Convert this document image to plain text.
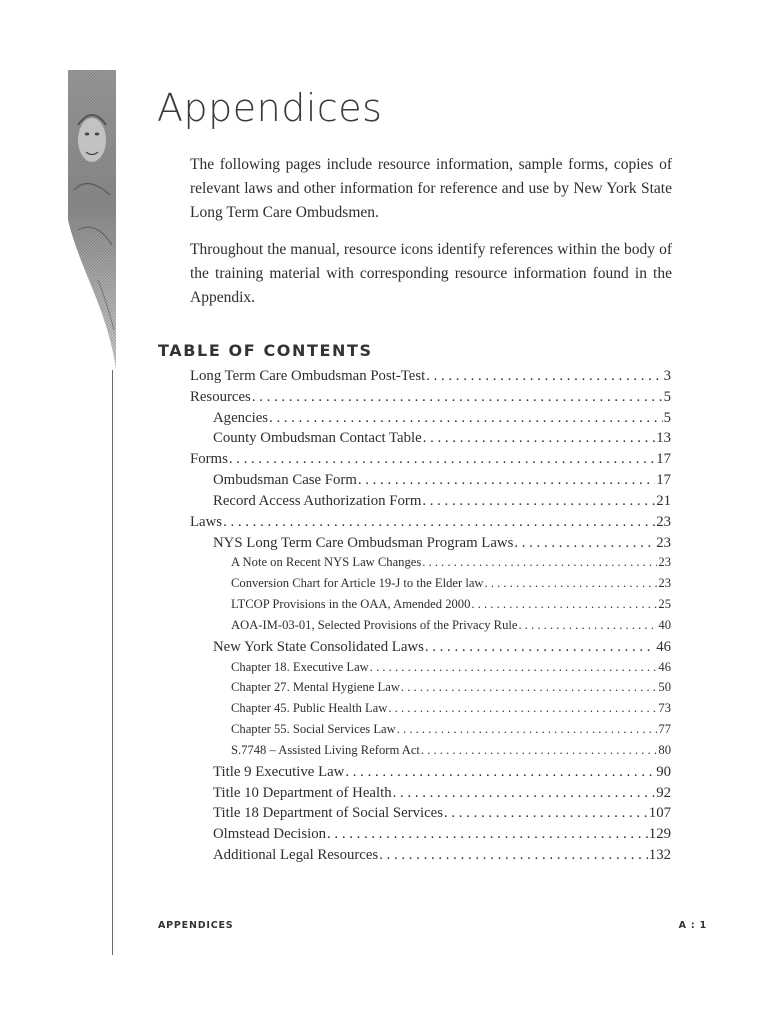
Appendices

The following pages include resource information, sample forms, copies of relevant laws and other information for reference and use by New York State Long Term Care Ombudsmen.

Throughout the manual, resource icons identify references within the body of the training material with corresponding resource information found in the Appendix.

TABLE OF CONTENTS
Long Term Care Ombudsman Post-Test . . .	3
Resources . . .	5
Agencies . . .	5
County Ombudsman Contact Table . . .	13
Forms . . .	17
Ombudsman Case Form . . .	17
Record Access Authorization Form . . .	21
Laws . . .	23
NYS Long Term Care Ombudsman Program Laws . . .	23
A Note on Recent NYS Law Changes . . .	23
Conversion Chart for Article 19-J to the Elder law . . .	23
LTCOP Provisions in the OAA, Amended 2000 . . .	25
AOA-IM-03-01, Selected Provisions of the Privacy Rule . . .	40
New York State Consolidated Laws . . .	46
Chapter 18. Executive Law . . .	46
Chapter 27. Mental Hygiene Law . . .	50
Chapter 45. Public Health Law . . .	73
Chapter 55. Social Services Law . . .	77
S.7748 – Assisted Living Reform Act . . .	80
Title 9 Executive Law . . .	90
Title 10 Department of Health . . .	92
Title 18 Department of Social Services . . .	107
Olmstead Decision . . .	129
Additional Legal Resources . . .	132

APPENDICES	A : 1
